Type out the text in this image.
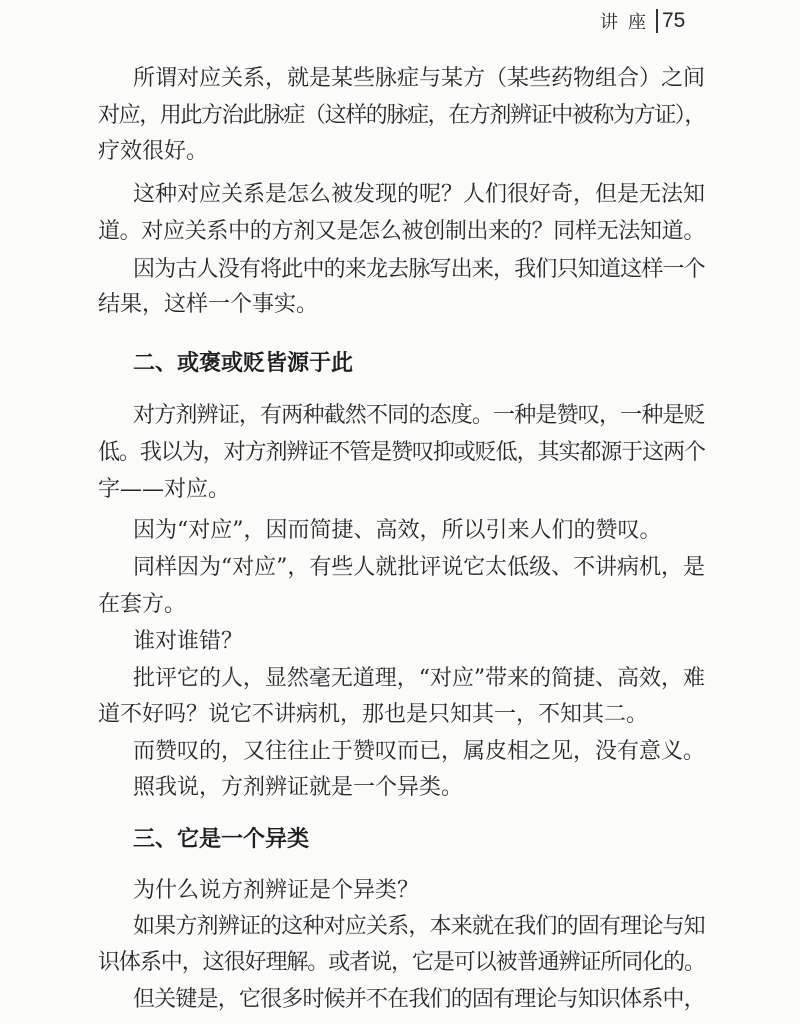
讲座 75
所谓对应关系，就是某些脉症与某方（某些药物组合）之间
对应，用此方治此脉症（这样的脉症，在方剂辨证中被称为方证），
疗效很好。
这种对应关系是怎么被发现的呢？人们很好奇，但是无法知
道。对应关系中的方剂又是怎么被创制出来的？同样无法知道。
因为古人没有将此中的来龙去脉写出来，我们只知道这样一个
结果，这样一个事实。
二、或褒或贬皆源于此
对方剂辨证，有两种截然不同的态度。一种是赞叹，一种是贬
低。我以为，对方剂辨证不管是赞叹抑或贬低，其实都源于这两个
字——对应。
因为“对应”，因而简捷、高效，所以引来人们的赞叹。
同样因为“对应”，有些人就批评说它太低级、不讲病机，是
在套方。
谁对谁错？
批评它的人，显然毫无道理，“对应”带来的简捷、高效，难
道不好吗？说它不讲病机，那也是只知其一，不知其二。
而赞叹的，又往往止于赞叹而已，属皮相之见，没有意义。
照我说，方剂辨证就是一个异类。
三、它是一个异类
为什么说方剂辨证是个异类？
如果方剂辨证的这种对应关系，本来就在我们的固有理论与知
识体系中，这很好理解。或者说，它是可以被普通辨证所同化的。
但关键是，它很多时候并不在我们的固有理论与知识体系中，
